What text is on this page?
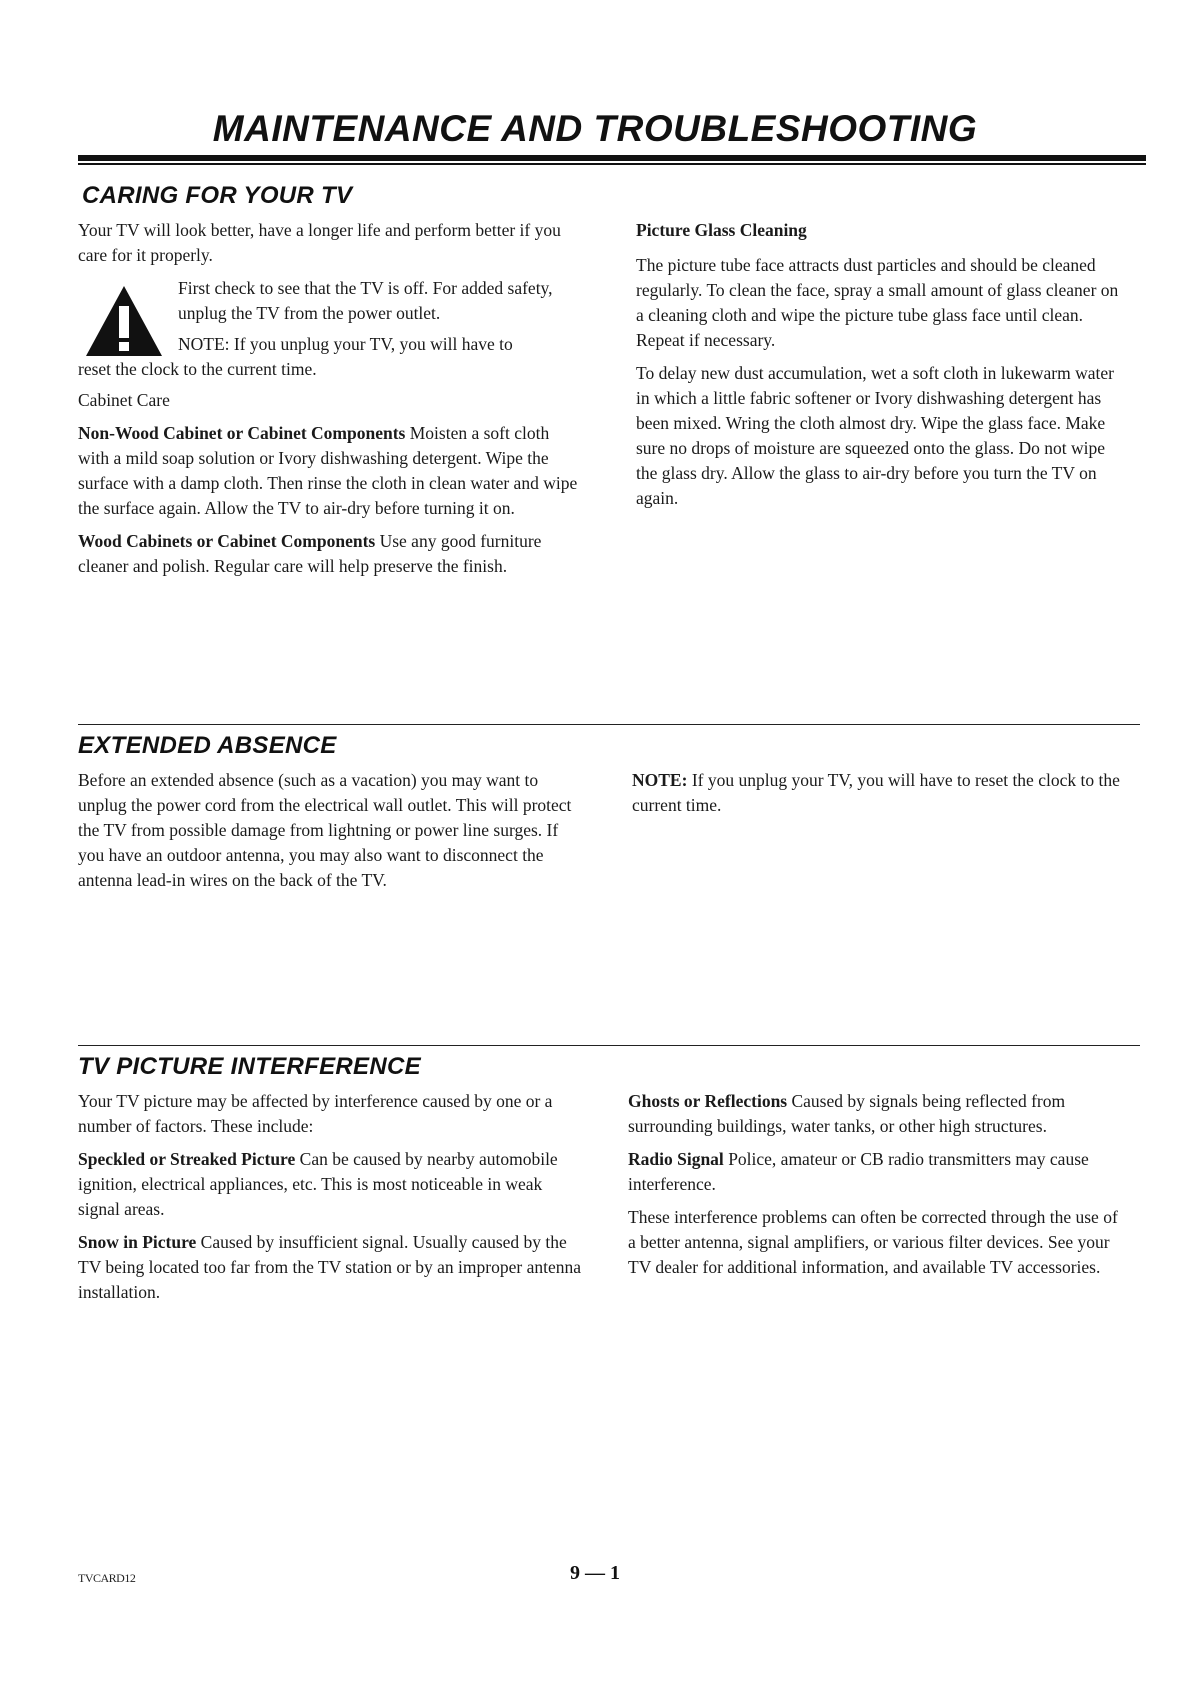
MAINTENANCE AND TROUBLESHOOTING
CARING FOR YOUR TV

Your TV will look better, have a longer life and perform better if you care for it properly.

First check to see that the TV is off. For added safety, unplug the TV from the power outlet.

NOTE: If you unplug your TV, you will have to

reset the clock to the current time.

Cabinet Care

Non-Wood Cabinet or Cabinet Components Moisten a soft cloth with a mild soap solution or Ivory dishwashing detergent. Wipe the surface with a damp cloth. Then rinse the cloth in clean water and wipe the surface again. Allow the TV to air-dry before turning it on.

Wood Cabinets or Cabinet Components Use any good furniture cleaner and polish. Regular care will help preserve the finish.

Picture Glass Cleaning

The picture tube face attracts dust particles and should be cleaned regularly. To clean the face, spray a small amount of glass cleaner on a cleaning cloth and wipe the picture tube glass face until clean. Repeat if necessary.

To delay new dust accumulation, wet a soft cloth in lukewarm water in which a little fabric softener or Ivory dishwashing detergent has been mixed. Wring the cloth almost dry. Wipe the glass face. Make sure no drops of moisture are squeezed onto the glass. Do not wipe the glass dry. Allow the glass to air-dry before you turn the TV on again.

EXTENDED ABSENCE

Before an extended absence (such as a vacation) you may want to unplug the power cord from the electrical wall outlet. This will protect the TV from possible damage from lightning or power line surges. If you have an outdoor antenna, you may also want to disconnect the antenna lead-in wires on the back of the TV.

NOTE: If you unplug your TV, you will have to reset the clock to the current time.

TV PICTURE INTERFERENCE

Your TV picture may be affected by interference caused by one or a number of factors. These include:

Speckled or Streaked Picture Can be caused by nearby automobile ignition, electrical appliances, etc. This is most noticeable in weak signal areas.

Snow in Picture Caused by insufficient signal. Usually caused by the TV being located too far from the TV station or by an improper antenna installation.

Ghosts or Reflections Caused by signals being reflected from surrounding buildings, water tanks, or other high structures.

Radio Signal Police, amateur or CB radio transmitters may cause interference.

These interference problems can often be corrected through the use of a better antenna, signal amplifiers, or various filter devices. See your TV dealer for additional information, and available TV accessories.

TVCARD12	9 — 1
